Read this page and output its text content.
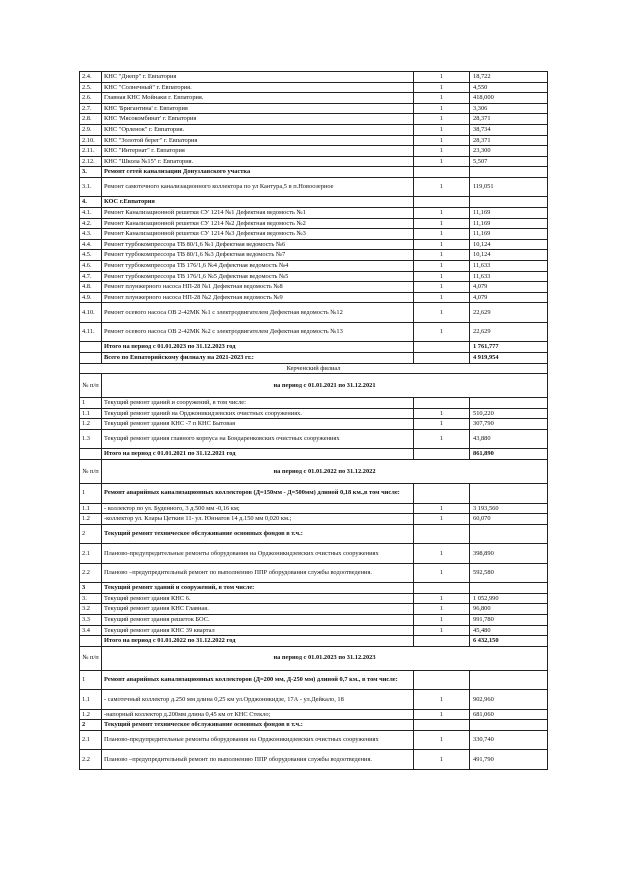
2.4.	КНС "Днепр" г. Евпатория	1	18,722
2.5.	КНС "Солнечный" г. Евпатория.	1	4,550
2.6.	Главная КНС Мойнаки г. Евпатория.	1	418,000
2.7.	КНС 'Бригантина' г. Евпатория	1	3,306
2.8.	КНС 'Мясокомбинат' г. Евпатория	1	28,371
2.9.	КНС "Орленок" г. Евпатория.	1	38,734
2.10.	КНС "Золотой берег" г. Евпатория	1	28,371
2.11.	КНС "Интернат" г. Евпатория	1	23,300
2.12.	КНС "Школа №15" г. Евпатория.	1	5,507
3.	Ремонт сетей канализации Донузлавского участка		
3.1.	Ремонт самотечного канализационного коллектора по ул Кантура,5 в п.Новоозерное	1	119,051
4.	КОС г.Евпатория		
4.1.	Ремонт Канализационной решетки СУ 1214 №1 Дефектная ведомость №1	1	11,169
4.2.	Ремонт Канализационной решетки СУ 1214 №2 Дефектная ведомость №2	1	11,169
4.3.	Ремонт Канализационной решетки СУ 1214 №3 Дефектная ведомость №3	1	11,169
4.4.	Ремонт турбокомпрессора ТВ 80/1,6 №1 Дефектная ведомость №6	1	10,124
4.5.	Ремонт турбокомпрессора ТВ 80/1,6 №3 Дефектная ведомость №7	1	10,124
4.6.	Ремонт турбокомпрессора ТВ 176/1,6 №4 Дефектная ведомость №4	1	11,633
4.7.	Ремонт турбокомпрессора ТВ 176/1,6 №5 Дефектная ведомость №5	1	11,633
4.8.	Ремонт плунжерного насоса НП-28 №1 Дефектная ведомость №8	1	4,079
4.9.	Ремонт плунжерного насоса НП-28 №2 Дефектная ведомость №9	1	4,079
4.10.	Ремонт осевого насоса ОВ 2-42МК №1 с электродвигателем Дефектная ведомость №12	1	22,629
4.11.	Ремонт осевого насоса ОВ 2-42МК №2 с электродвигателем Дефектная ведомость №13	1	22,629
	Итого на период с 01.01.2023 по 31.12.2023 год		1 761,777
	Всего по Евпаторийскому филиалу на 2021-2023 гг.:		4 919,954
Керченский филиал			
№ п/п	на период с 01.01.2021 по 31.12.2021		
1	Текущий ремонт зданий и сооружений, в том числе:		
1.1	Текущий ремонт зданий на Орджоникидзевских очистных сооружениях.	1	510,220
1.2	Текущий ремонт здания КНС -7 п КНС Бытовая	1	307,790
1.3	Текущий ремонт здания главного корпуса на Бондаренковских очистных сооружениях	1	43,880
	Итого на период с 01.01.2021 по 31.12.2021 год		861,890
№ п/п	на период с 01.01.2022 по 31.12.2022		
1	Ремонт аварийных канализационных коллекторов (Д=150мм - Д=500мм) длиной 0,18 км.,в том числе:		
1.1	- коллектор по ул. Буденного, 3 д.500 мм -0,16 км;	1	3 193,560
1.2	-коллектор ул. Клары Цеткин 11- ул. Юннатов 14 д.150 мм 0,020 км.;	1	60,070
2	Текущий ремонт техническое обслуживание основных фондов в т.ч.:		
2.1	Планово-предупредительные ремонты оборудования на Орджоникидзевских очистных сооружениях	1	398,890
2.2	Планово –предупредительный ремонт по выполнению ППР оборудования службы водоотведения.	1	592,580
3	Текущий ремонт зданий и сооружений, в том числе:		
3.	Текущий ремонт здания КНС 6.	1	1 052,990
3.2	Текущий ремонт здания КНС Главная.	1	96,800
3.3	Текущий ремонт здания решеток БОС.	1	991,780
3.4	Текущий ремонт здания КНС 39 квартал	1	45,480
	Итого на период с 01.01.2022 по 31.12.2022 год		6 432,150
№ п/п	на период с 01.01.2023 по 31.12.2023		
1	Ремонт аварийных канализационных коллекторов (Д=200 мм, Д-250 мм) длиной 0,7 км., в том числе:		
1.1	- самотечный коллектор д.250 мм длина 0,25 км ул.Орджоникидзе, 17А - ул.Дейкало, 18	1	902,960
1.2	-напорный коллектор д.200мм длина 0,45 км от КНС Стекло;	1	681,060
2	Текущий ремонт техническое обслуживание основных фондов в т.ч.:		
2.1	Планово-предупредительные ремонты оборудования на Орджоникидзевских очистных сооружениях	1	330,740
2.2	Планово –предупредительный ремонт по выполнению ППР оборудования службы водоотведения.	1	491,790
